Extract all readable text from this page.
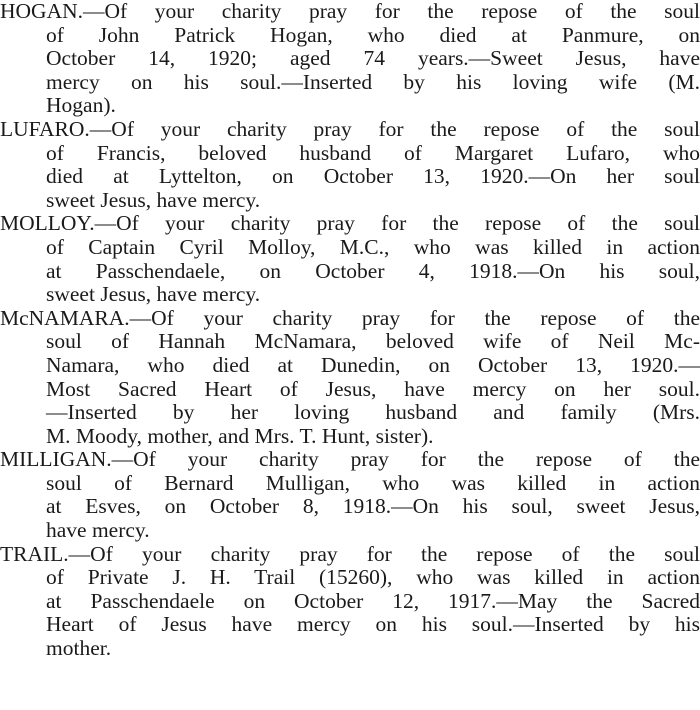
HOGAN.—Of your charity pray for the repose of the soul
of John Patrick Hogan, who died at Panmure, on
October 14, 1920; aged 74 years.—Sweet Jesus, have
mercy on his soul.—Inserted by his loving wife (M.
Hogan).
LUFARO.—Of your charity pray for the repose of the soul
of Francis, beloved husband of Margaret Lufaro, who
died at Lyttelton, on October 13, 1920.—On her soul
sweet Jesus, have mercy.
MOLLOY.—Of your charity pray for the repose of the soul
of Captain Cyril Molloy, M.C., who was killed in action
at Passchendaele, on October 4, 1918.—On his soul,
sweet Jesus, have mercy.
McNAMARA.—Of your charity pray for the repose of the
soul of Hannah McNamara, beloved wife of Neil Mc-
Namara, who died at Dunedin, on October 13, 1920.—
Most Sacred Heart of Jesus, have mercy on her soul.
—Inserted by her loving husband and family (Mrs.
M. Moody, mother, and Mrs. T. Hunt, sister).
MILLIGAN.—Of your charity pray for the repose of the
soul of Bernard Mulligan, who was killed in action
at Esves, on October 8, 1918.—On his soul, sweet Jesus,
have mercy.
TRAIL.—Of your charity pray for the repose of the soul
of Private J. H. Trail (15260), who was killed in action
at Passchendaele on October 12, 1917.—May the Sacred
Heart of Jesus have mercy on his soul.—Inserted by his
mother.
